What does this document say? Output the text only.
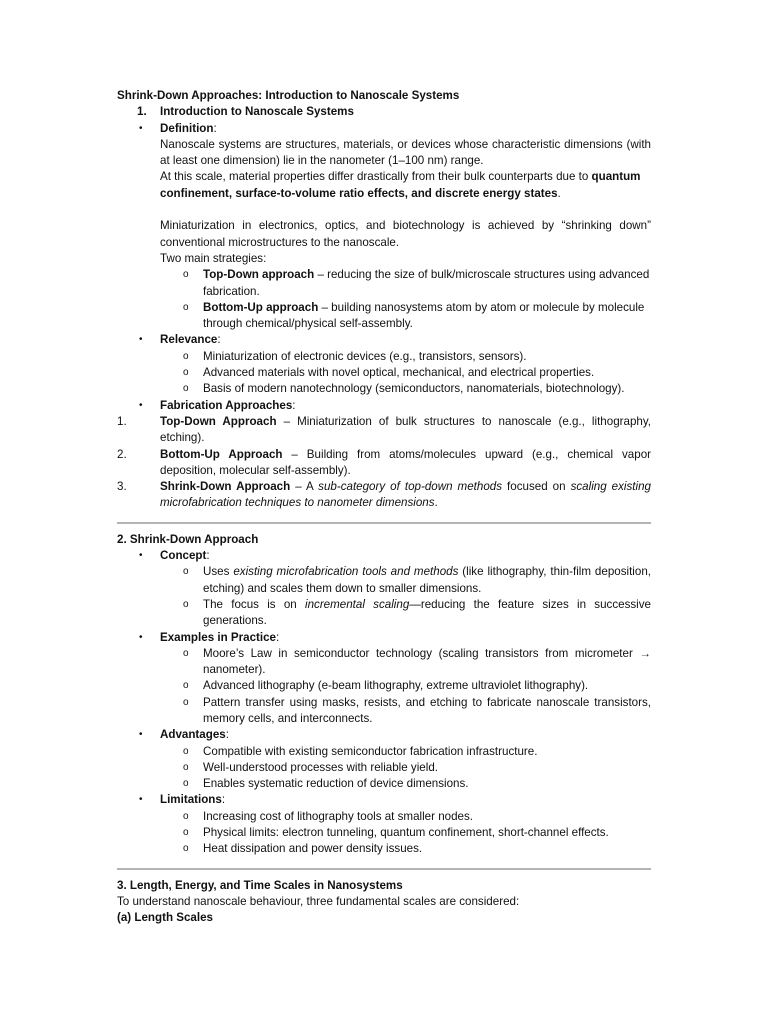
Shrink-Down Approaches: Introduction to Nanoscale Systems

1. Introduction to Nanoscale Systems

• Definition:

Nanoscale systems are structures, materials, or devices whose characteristic dimensions (with at least one dimension) lie in the nanometer (1–100 nm) range.

At this scale, material properties differ drastically from their bulk counterparts due to quantum confinement, surface-to-volume ratio effects, and discrete energy states.

Miniaturization in electronics, optics, and biotechnology is achieved by “shrinking down” conventional microstructures to the nanoscale.

Two main strategies:

o Top-Down approach – reducing the size of bulk/microscale structures using advanced fabrication.

o Bottom-Up approach – building nanosystems atom by atom or molecule by molecule through chemical/physical self-assembly.

• Relevance:

o Miniaturization of electronic devices (e.g., transistors, sensors).

o Advanced materials with novel optical, mechanical, and electrical properties.

o Basis of modern nanotechnology (semiconductors, nanomaterials, biotechnology).

• Fabrication Approaches:

1.	Top-Down Approach – Miniaturization of bulk structures to nanoscale (e.g., lithography, etching).

2.	Bottom-Up Approach – Building from atoms/molecules upward (e.g., chemical vapor deposition, molecular self-assembly).

3.	Shrink-Down Approach – A sub-category of top-down methods focused on scaling existing microfabrication techniques to nanometer dimensions.

2. Shrink-Down Approach

• Concept:

o Uses existing microfabrication tools and methods (like lithography, thin-film deposition, etching) and scales them down to smaller dimensions.

o The focus is on incremental scaling—reducing the feature sizes in successive generations.

• Examples in Practice:

o Moore’s Law in semiconductor technology (scaling transistors from micrometer → nanometer).

o Advanced lithography (e-beam lithography, extreme ultraviolet lithography).

o Pattern transfer using masks, resists, and etching to fabricate nanoscale transistors, memory cells, and interconnects.

• Advantages:

o Compatible with existing semiconductor fabrication infrastructure.

o Well-understood processes with reliable yield.

o Enables systematic reduction of device dimensions.

• Limitations:

o Increasing cost of lithography tools at smaller nodes.

o Physical limits: electron tunneling, quantum confinement, short-channel effects.

o Heat dissipation and power density issues.

3. Length, Energy, and Time Scales in Nanosystems

To understand nanoscale behaviour, three fundamental scales are considered:

(a) Length Scales
